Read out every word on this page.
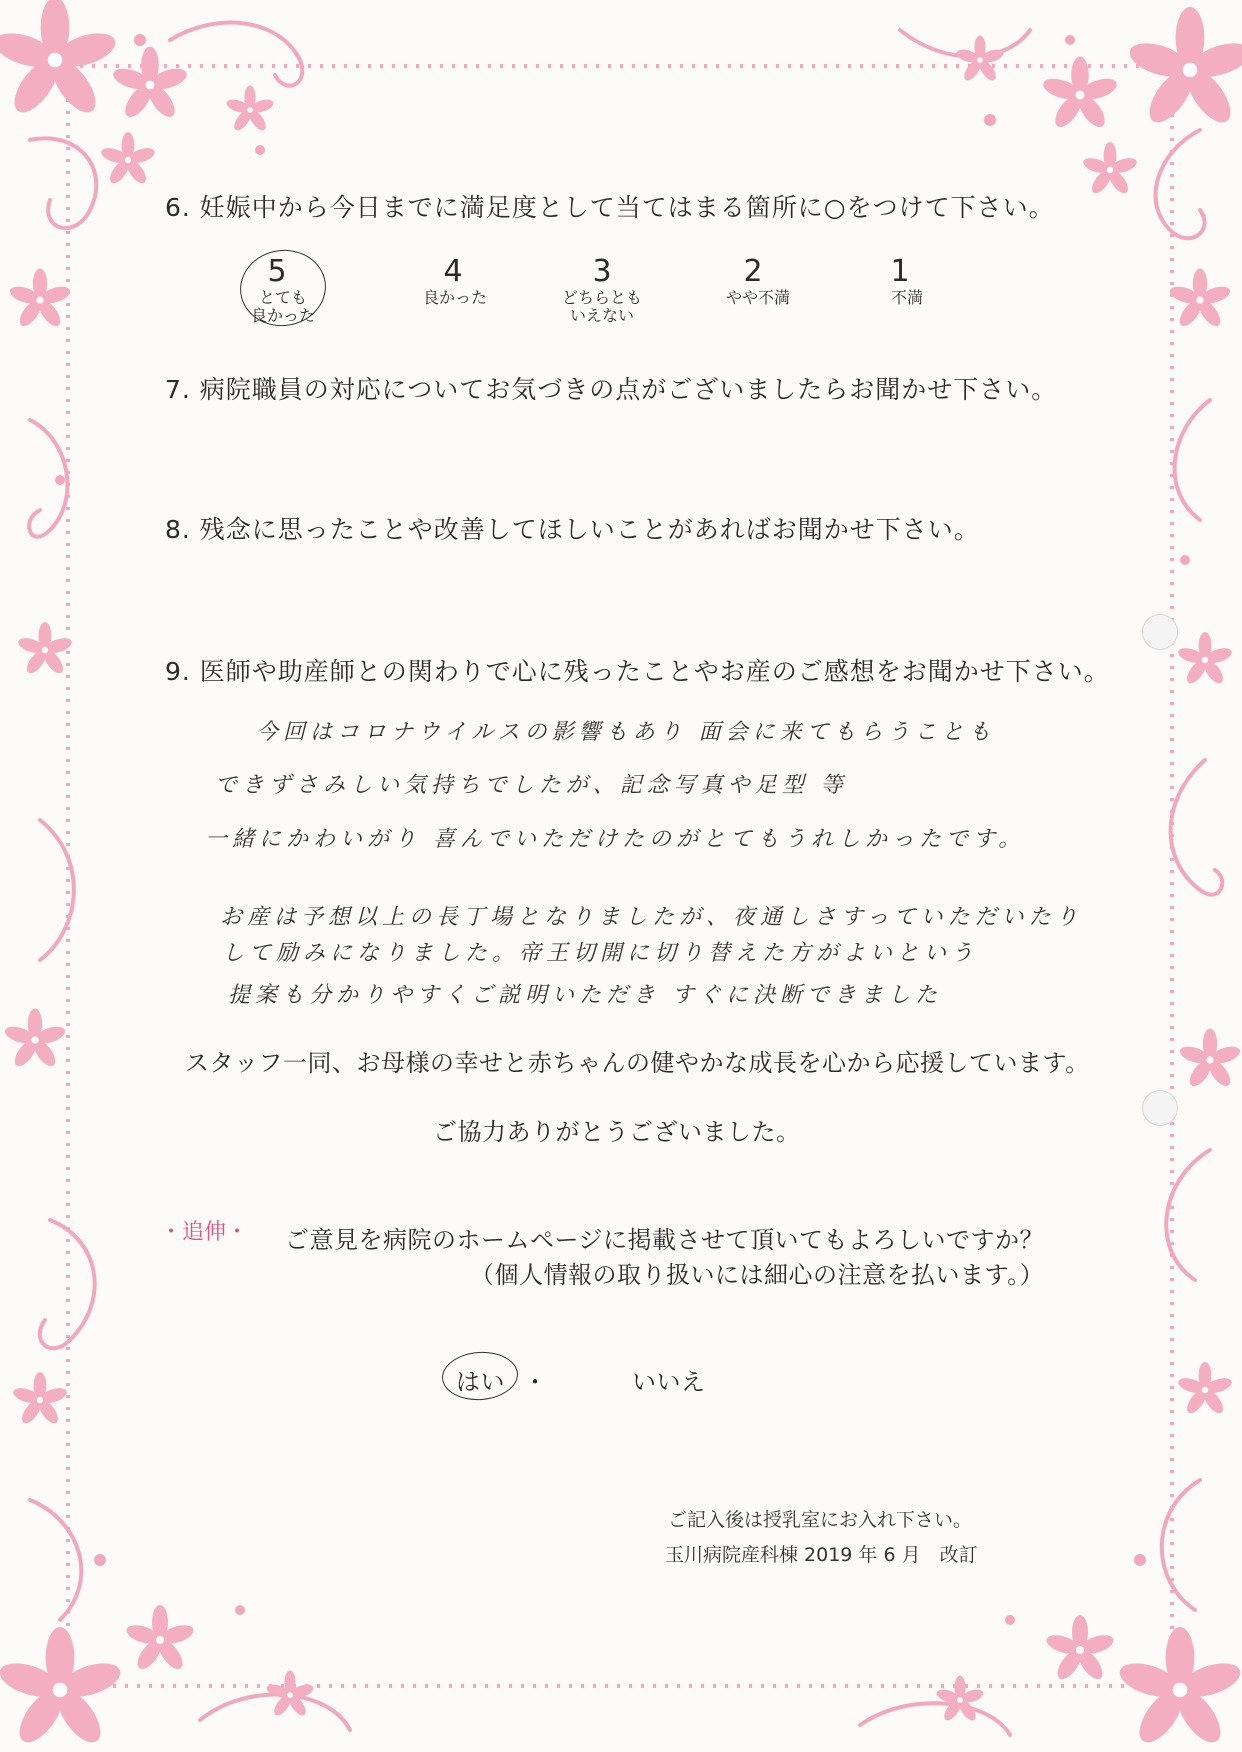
6. 妊娠中から今日までに満足度として当てはまる箇所に○をつけて下さい。
5
とても
良かった
4
良かった
3
どちらとも
いえない
2
やや不満
1
不満
7. 病院職員の対応についてお気づきの点がございましたらお聞かせ下さい。
8. 残念に思ったことや改善してほしいことがあればお聞かせ下さい。
9. 医師や助産師との関わりで心に残ったことやお産のご感想をお聞かせ下さい。
今回はコロナウイルスの影響もあり 面会に来てもらうことも
できずさみしい気持ちでしたが、記念写真や足型 等
一緒にかわいがり 喜んでいただけたのがとてもうれしかったです。
お産は予想以上の長丁場となりましたが、夜通しさすっていただいたり
して励みになりました。帝王切開に切り替えた方がよいという
提案も分かりやすくご説明いただき すぐに決断できました
スタッフ一同、お母様の幸せと赤ちゃんの健やかな成長を心から応援しています。
ご協力ありがとうございました。
・追伸・ ご意見を病院のホームページに掲載させて頂いてもよろしいですか？
（個人情報の取り扱いには細心の注意を払います。）
はい ・	いいえ
ご記入後は授乳室にお入れ下さい。
玉川病院産科棟 2019 年 6 月　改訂
